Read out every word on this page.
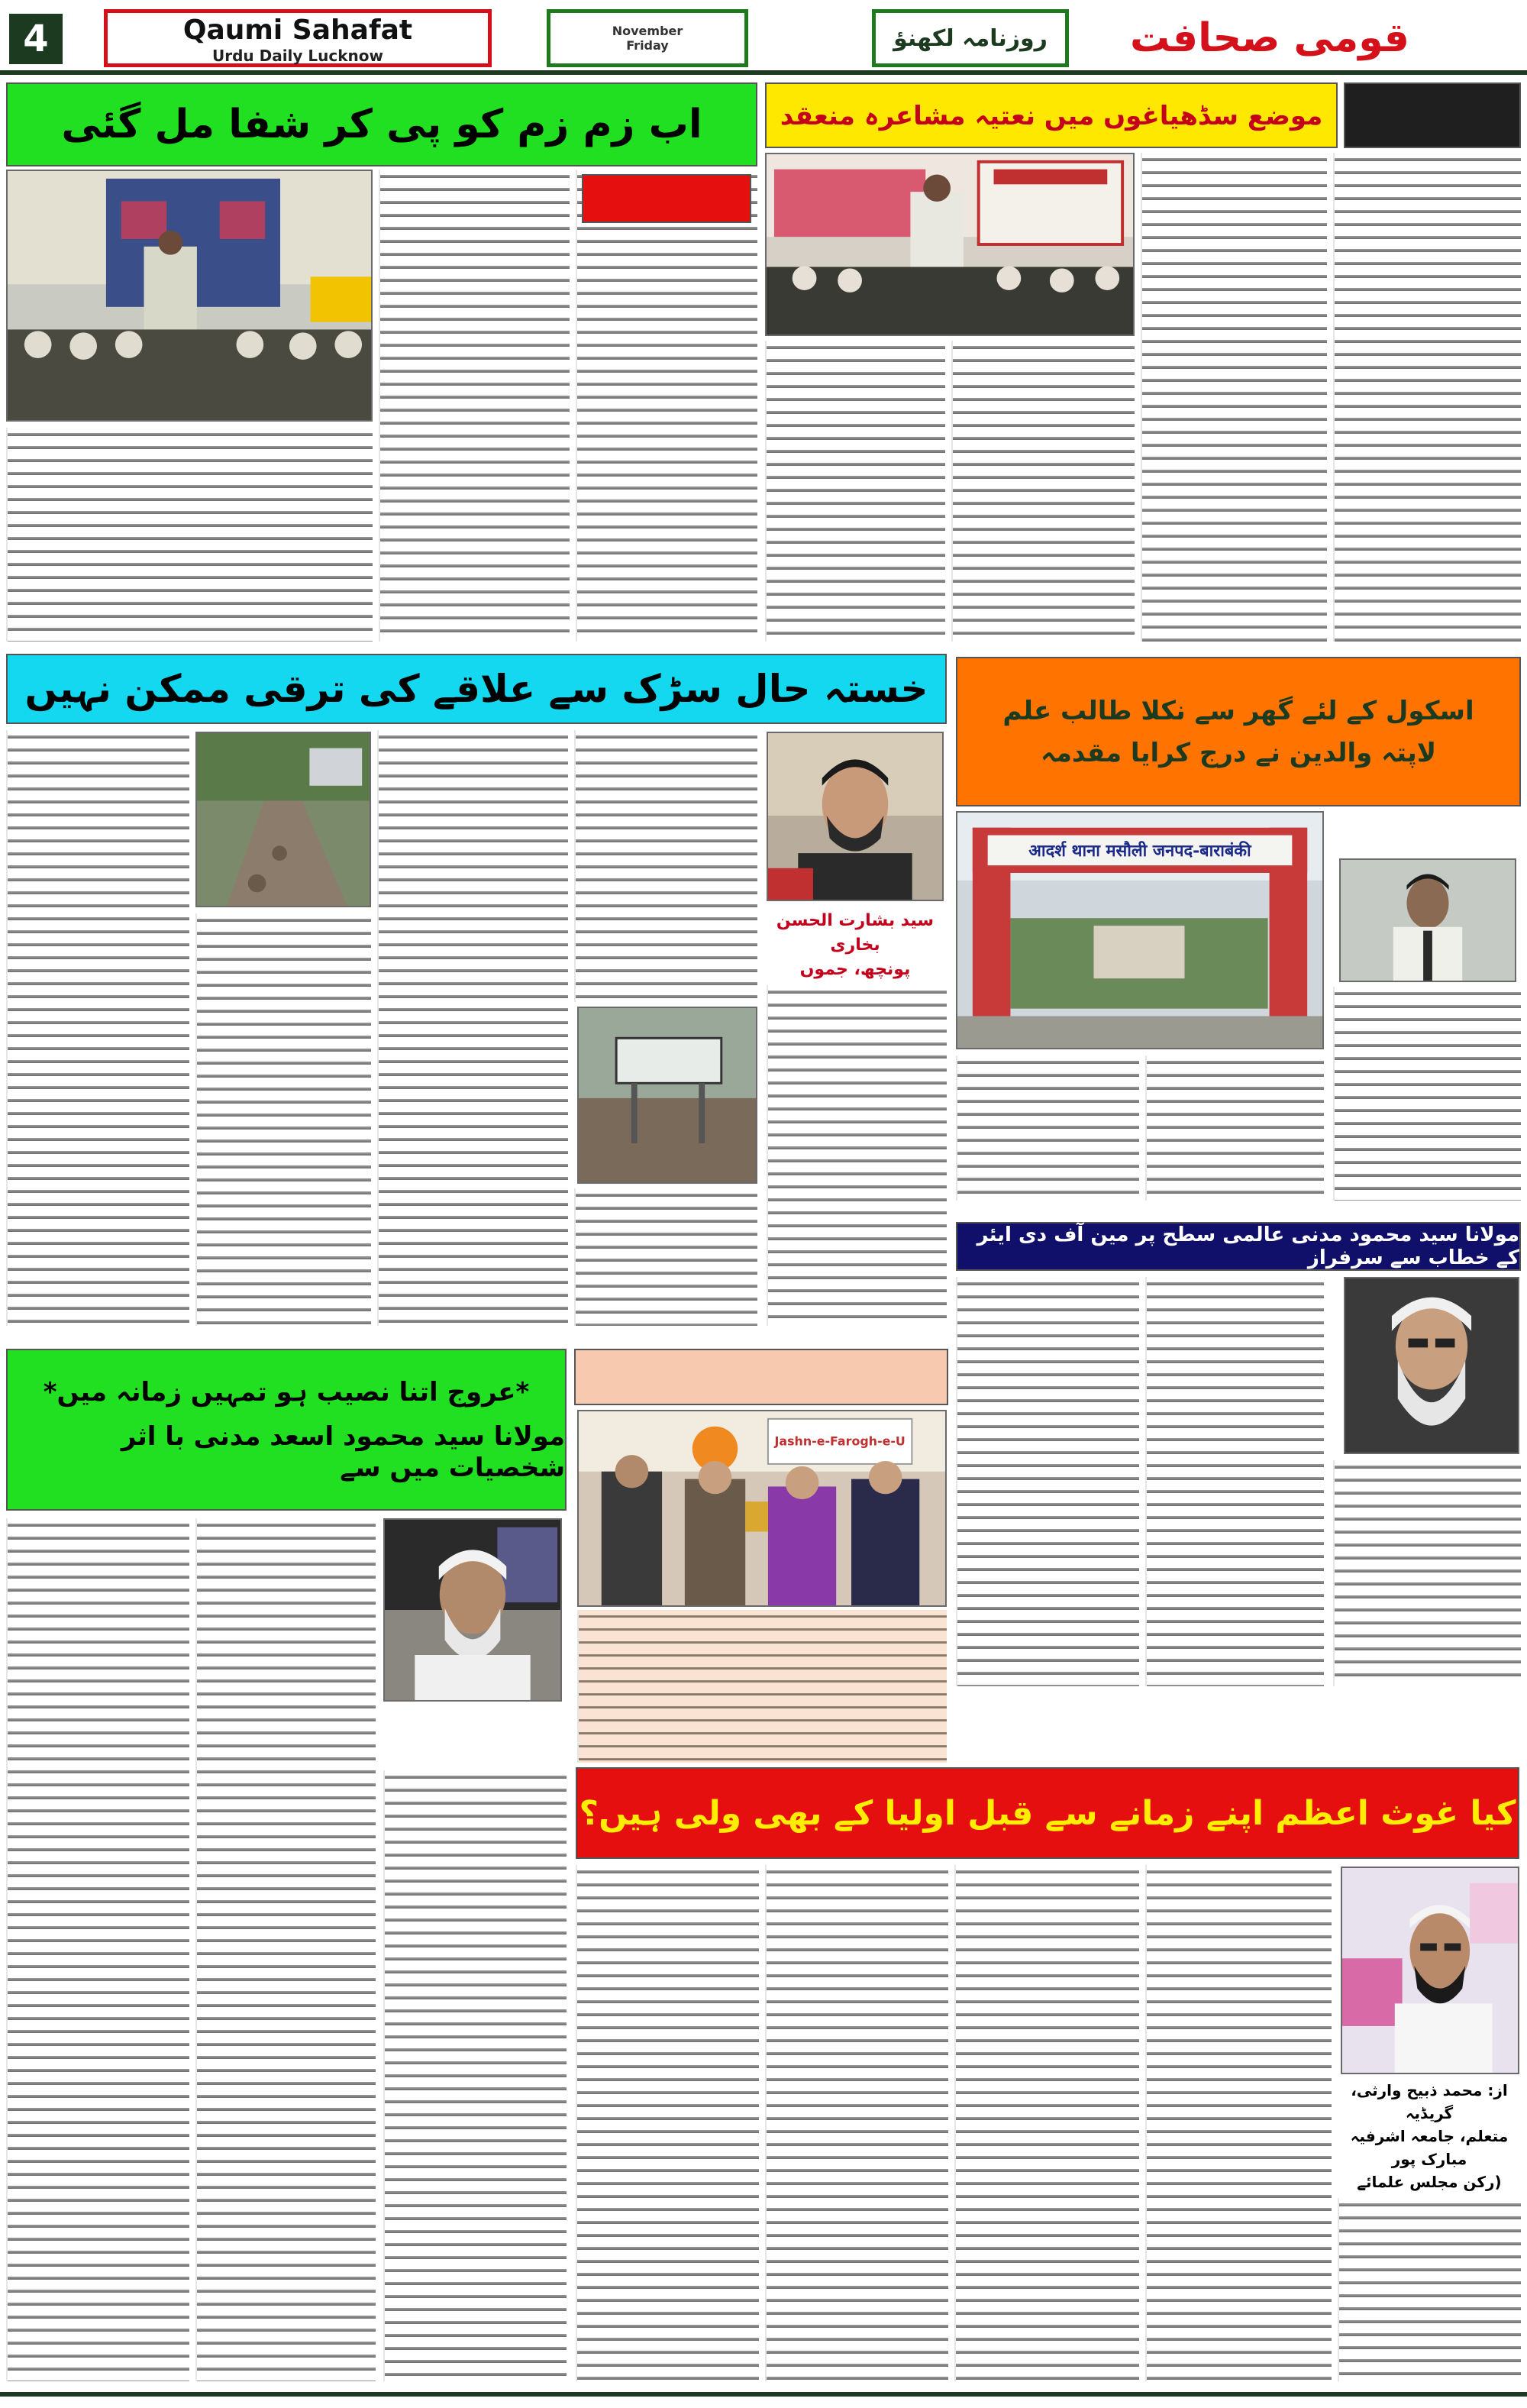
4	Qaumi Sahafat
Urdu Daily Lucknow
November
Friday	روزنامہ لکھنؤ	قومی صحافت
اب زم زم کو پی کر شفا مل گئی	موضع سڈھیاغوں میں نعتیہ مشاعرہ منعقد
خستہ حال سڑک سے علاقے کی ترقی ممکن نہیں
سید بشارت الحسن بخاری
پونچھ، جموں
اسکول کے لئے گھر سے نکلا طالب علم
لاپتہ والدین نے درج کرایا مقدمہ
आदर्श थाना मसौली जनपद-बाराबंकी
مولانا سید محمود مدنی عالمی سطح پر مین آف دی ایئر کے خطاب سے سرفراز
*عروج اتنا نصیب ہو تمہیں زمانہ میں*
مولانا سید محمود اسعد مدنی با اثر شخصیات میں سے
Jashn-e-Farogh-e-U
کیا غوث اعظم اپنے زمانے سے قبل اولیا کے بھی ولی ہیں؟
از: محمد ذبیح وارثی، گریڈیہ
متعلم، جامعہ اشرفیہ مبارک پور
(رکن مجلس علمائے
